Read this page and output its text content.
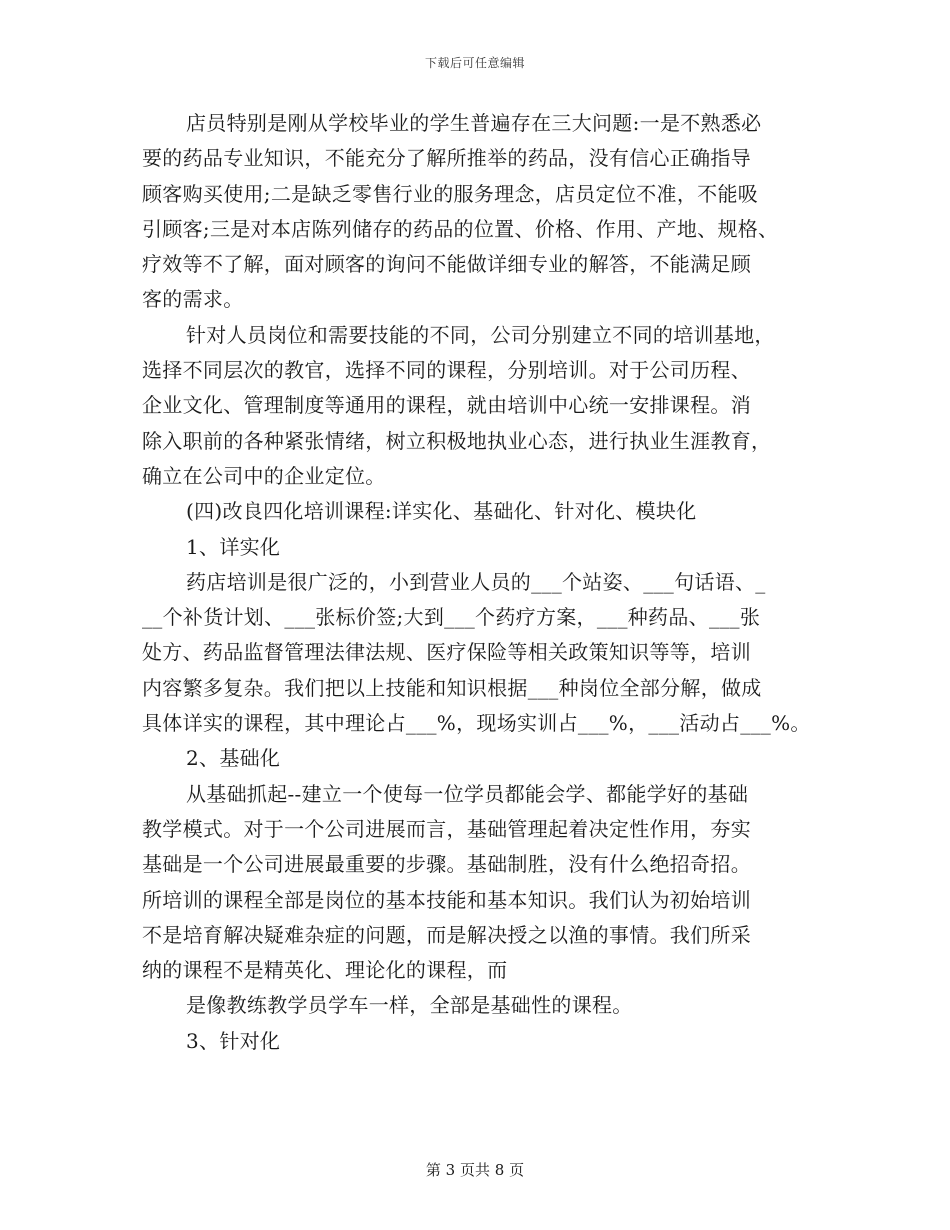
下载后可任意编辑
店员特别是刚从学校毕业的学生普遍存在三大问题:一是不熟悉必
要的药品专业知识，不能充分了解所推举的药品，没有信心正确指导
顾客购买使用;二是缺乏零售行业的服务理念，店员定位不准，不能吸
引顾客;三是对本店陈列储存的药品的位置、价格、作用、产地、规格、
疗效等不了解，面对顾客的询问不能做详细专业的解答，不能满足顾
客的需求。
针对人员岗位和需要技能的不同，公司分别建立不同的培训基地，
选择不同层次的教官，选择不同的课程，分别培训。对于公司历程、
企业文化、管理制度等通用的课程，就由培训中心统一安排课程。消
除入职前的各种紧张情绪，树立积极地执业心态，进行执业生涯教育，
确立在公司中的企业定位。
(四)改良四化培训课程:详实化、基础化、针对化、模块化
1、详实化
药店培训是很广泛的，小到营业人员的___个站姿、___句话语、_
__个补货计划、___张标价签;大到___个药疗方案，___种药品、___张
处方、药品监督管理法律法规、医疗保险等相关政策知识等等，培训
内容繁多复杂。我们把以上技能和知识根据___种岗位全部分解，做成
具体详实的课程，其中理论占___%，现场实训占___%，___活动占___%。
2、基础化
从基础抓起--建立一个使每一位学员都能会学、都能学好的基础
教学模式。对于一个公司进展而言，基础管理起着决定性作用，夯实
基础是一个公司进展最重要的步骤。基础制胜，没有什么绝招奇招。
所培训的课程全部是岗位的基本技能和基本知识。我们认为初始培训
不是培育解决疑难杂症的问题，而是解决授之以渔的事情。我们所采
纳的课程不是精英化、理论化的课程，而
是像教练教学员学车一样，全部是基础性的课程。
3、针对化
第 3 页共 8 页
